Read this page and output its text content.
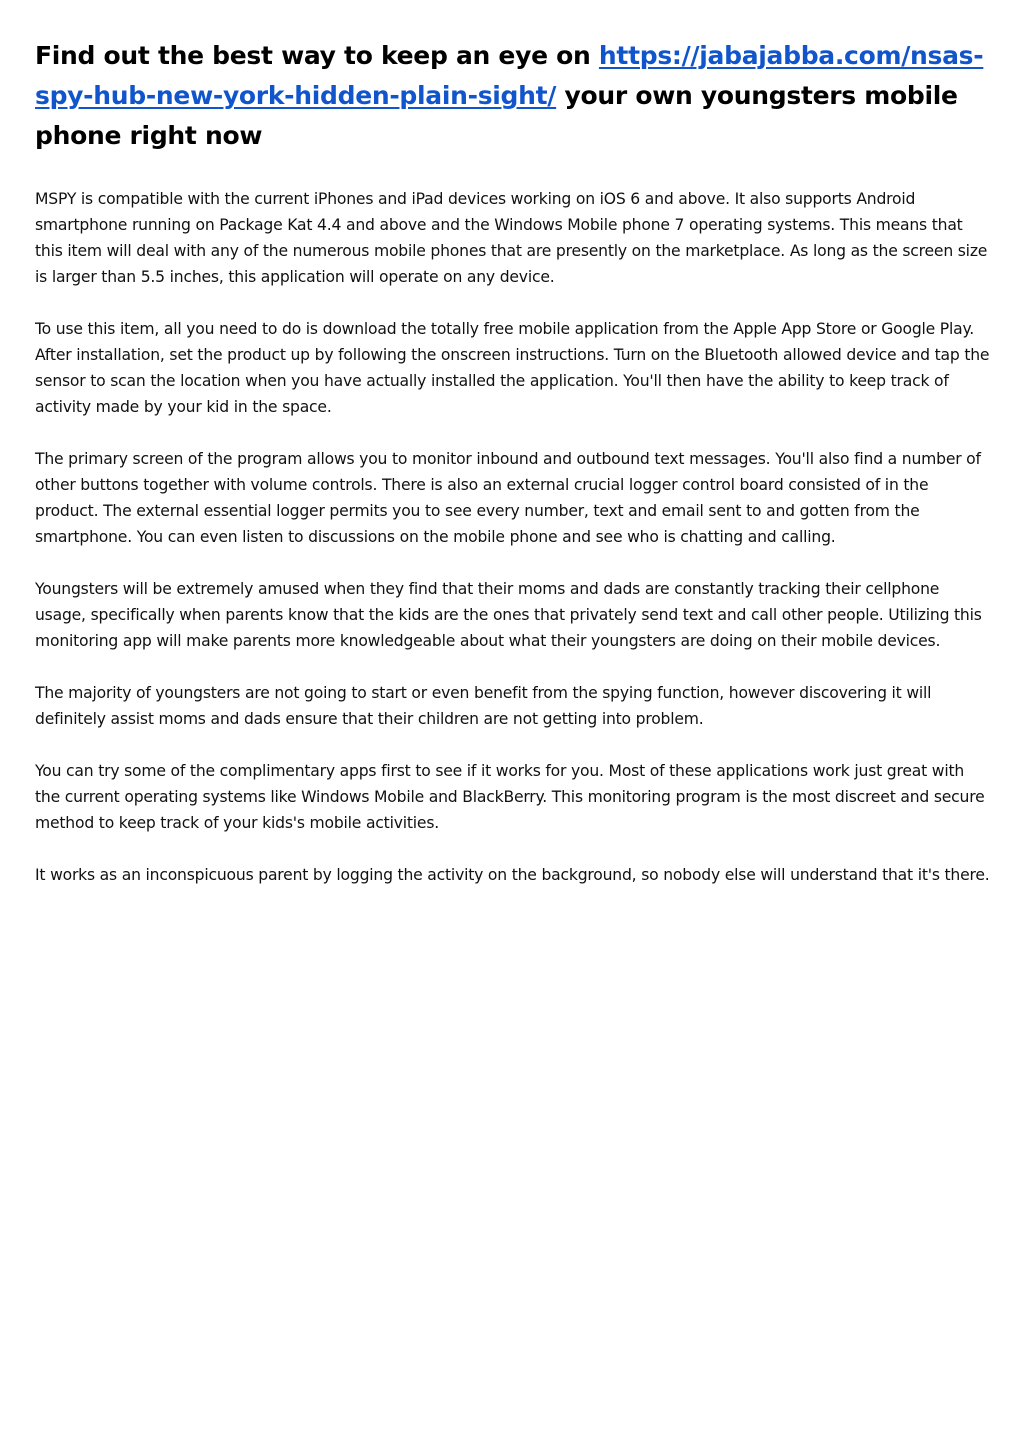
Find out the best way to keep an eye on https://jabajabba.com/nsas-spy-hub-new-york-hidden-plain-sight/ your own youngsters mobile phone right now

MSPY is compatible with the current iPhones and iPad devices working on iOS 6 and above. It also supports Android smartphone running on Package Kat 4.4 and above and the Windows Mobile phone 7 operating systems. This means that this item will deal with any of the numerous mobile phones that are presently on the marketplace. As long as the screen size is larger than 5.5 inches, this application will operate on any device.

To use this item, all you need to do is download the totally free mobile application from the Apple App Store or Google Play. After installation, set the product up by following the onscreen instructions. Turn on the Bluetooth allowed device and tap the sensor to scan the location when you have actually installed the application. You'll then have the ability to keep track of activity made by your kid in the space.

The primary screen of the program allows you to monitor inbound and outbound text messages. You'll also find a number of other buttons together with volume controls. There is also an external crucial logger control board consisted of in the product. The external essential logger permits you to see every number, text and email sent to and gotten from the smartphone. You can even listen to discussions on the mobile phone and see who is chatting and calling.

Youngsters will be extremely amused when they find that their moms and dads are constantly tracking their cellphone usage, specifically when parents know that the kids are the ones that privately send text and call other people. Utilizing this monitoring app will make parents more knowledgeable about what their youngsters are doing on their mobile devices.

The majority of youngsters are not going to start or even benefit from the spying function, however discovering it will definitely assist moms and dads ensure that their children are not getting into problem.

You can try some of the complimentary apps first to see if it works for you. Most of these applications work just great with the current operating systems like Windows Mobile and BlackBerry. This monitoring program is the most discreet and secure method to keep track of your kids's mobile activities.

It works as an inconspicuous parent by logging the activity on the background, so nobody else will understand that it's there.
